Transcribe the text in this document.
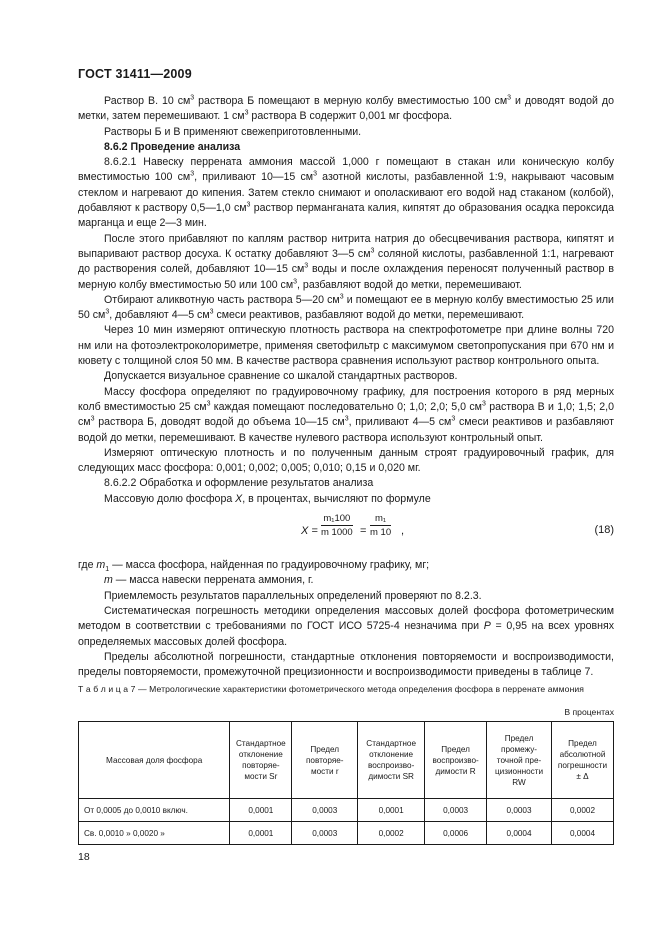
ГОСТ 31411—2009

Раствор В. 10 $см^3$ раствора Б помещают в мерную колбу вместимостью 100 $см^3$ и доводят водой до метки, затем перемешивают. 1 $см^3$ раствора В содержит 0,001 мг фосфора.

Растворы Б и В применяют свежеприготовленными.

8.6.2 Проведение анализа

8.6.2.1 Навеску перрената аммония массой 1,000 г помещают в стакан или коническую колбу вместимостью 100 $см^3$, приливают 10—15 $см^3$ азотной кислоты, разбавленной 1:9, накрывают часовым стеклом и нагревают до кипения. Затем стекло снимают и ополаскивают его водой над стаканом (колбой), добавляют к раствору 0,5—1,0 $см^3$ раствор перманганата калия, кипятят до образования осадка пероксида марганца и еще 2—3 мин.

После этого прибавляют по каплям раствор нитрита натрия до обесцвечивания раствора, кипятят и выпаривают раствор досуха. К остатку добавляют 3—5 $см^3$ соляной кислоты, разбавленной 1:1, нагревают до растворения солей, добавляют 10—15 $см^3$ воды и после охлаждения переносят полученный раствор в мерную колбу вместимостью 50 или 100 $см^3$, разбавляют водой до метки, перемешивают.

Отбирают аликвотную часть раствора 5—20 $см^3$ и помещают ее в мерную колбу вместимостью 25 или 50 $см^3$, добавляют 4—5 $см^3$ смеси реактивов, разбавляют водой до метки, перемешивают.

Через 10 мин измеряют оптическую плотность раствора на спектрофотометре при длине волны 720 нм или на фотоэлектроколориметре, применяя светофильтр с максимумом светопропускания при 670 нм и кювету с толщиной слоя 50 мм. В качестве раствора сравнения используют раствор контрольного опыта.

Допускается визуальное сравнение со шкалой стандартных растворов.

Массу фосфора определяют по градуировочному графику, для построения которого в ряд мерных колб вместимостью 25 $см^3$ каждая помещают последовательно 0; 1,0; 2,0; 5,0 $см^3$ раствора В и 1,0; 1,5; 2,0 $см^3$ раствора Б, доводят водой до объема 10—15 $см^3$, приливают 4—5 $см^3$ смеси реактивов и разбавляют водой до метки, перемешивают. В качестве нулевого раствора используют контрольный опыт.

Измеряют оптическую плотность и по полученным данным строят градуировочный график, для следующих масс фосфора: 0,001; 0,002; 0,005; 0,010; 0,15 и 0,020 мг.

8.6.2.2 Обработка и оформление результатов анализа

Массовую долю фосфора X, в процентах, вычисляют по формуле

$X = \frac{\text{m₁100}}{m 1000} = \frac{\text{m₁}}{m 10}$ ,	(18)

где $m_1$ — масса фосфора, найденная по градуировочному графику, мг;

m — масса навески перрената аммония, г.

Приемлемость результатов параллельных определений проверяют по 8.2.3.

Систематическая погрешность методики определения массовых долей фосфора фотометрическим методом в соответствии с требованиями по ГОСТ ИСО 5725-4 незначима при P = 0,95 на всех уровнях определяемых массовых долей фосфора.

Пределы абсолютной погрешности, стандартные отклонения повторяемости и воспроизводимости, пределы повторяемости, промежуточной прецизионности и воспроизводимости приведены в таблице 7.

Т а б л и ц а 7 — Метрологические характеристики фотометрического метода определения фосфора в перренате аммония
В процентах
Массовая доля фосфора	Стандартное отклонение повторяе-мости Sr	Предел повторяе-мости r	Стандартное отклонение воспроизво-димости SR	Предел воспроизво-димости R	Предел промежу-точной пре-цизионности RW	Предел абсолютной погрешности ± Δ
От 0,0005 до 0,0010 включ.	0,0001	0,0003	0,0001	0,0003	0,0003	0,0002
Св. 0,0010 » 0,0020 »	0,0001	0,0003	0,0002	0,0006	0,0004	0,0004
18
